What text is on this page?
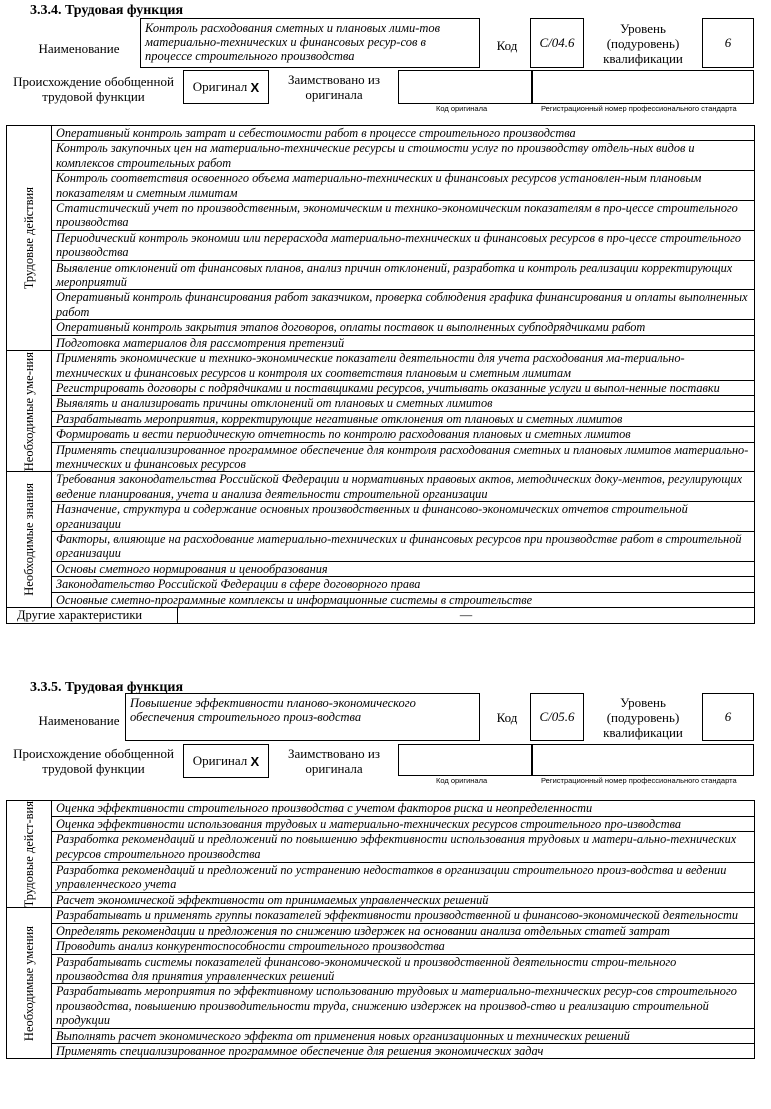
3.3.4. Трудовая функция
Наименование
Контроль расходования сметных и плановых лими-тов материально-технических и финансовых ресур-сов в процессе строительного производства
Код	С/04.6
Уровень (подуровень) квалификации
6
Происхождение обобщенной трудовой функции
Оригинал
X	Заимствовано из оригинала
Код оригинала	Регистрационный номер профессионального стандарта
Трудовые действия	Оперативный контроль затрат и себестоимости работ в процессе строительного производства
	Контроль закупочных цен на материально-технические ресурсы и стоимости услуг по производству отдель-ных видов и комплексов строительных работ
	Контроль соответствия освоенного объема материально-технических и финансовых ресурсов установлен-ным плановым показателям и сметным лимитам
	Статистический учет по производственным, экономическим и технико-экономическим показателям в про-цессе строительного производства
	Периодический контроль экономии или перерасхода материально-технических и финансовых ресурсов в про-цессе строительного производства
	Выявление отклонений от финансовых планов, анализ причин отклонений, разработка и контроль реализации корректирующих мероприятий
	Оперативный контроль финансирования работ заказчиком, проверка соблюдения графика финансирования и оплаты выполненных работ
	Оперативный контроль закрытия этапов договоров, оплаты поставок и выполненных субподрядчиками работ
	Подготовка материалов для рассмотрения претензий

Необходимые уме-ния	Применять экономические и технико-экономические показатели деятельности для учета расходования ма-териально-технических и финансовых ресурсов и контроля их соответствия плановым и сметным лимитам
	Регистрировать договоры с подрядчиками и поставщиками ресурсов, учитывать оказанные услуги и выпол-ненные поставки
	Выявлять и анализировать причины отклонений от плановых и сметных лимитов
	Разрабатывать мероприятия, корректирующие негативные отклонения от плановых и сметных лимитов
	Формировать и вести периодическую отчетность по контролю расходования плановых и сметных лимитов
	Применять специализированное программное обеспечение для контроля расходования сметных и плановых лимитов материально-технических и финансовых ресурсов

Необходимые знания	Требования законодательства Российской Федерации и нормативных правовых актов, методических доку-ментов, регулирующих ведение планирования, учета и анализа деятельности строительной организации
	Назначение, структура и содержание основных производственных и финансово-экономических отчетов строительной организации
	Факторы, влияющие на расходование материально-технических и финансовых ресурсов при производстве работ в строительной организации
	Основы сметного нормирования и ценообразования
	Законодательство Российской Федерации в сфере договорного права
	Основные сметно-программные комплексы и информационные системы в строительстве

Другие характеристики —	
3.3.5. Трудовая функция
Наименование
Повышение эффективности планово-экономического обеспечения строительного произ-водства	Код	С/05.6
Уровень (подуровень) квалификации
6
Происхождение обобщенной трудовой функции
Оригинал
X	Заимствовано из оригинала
Код оригинала	Регистрационный номер профессионального стандарта
Трудовые дейст-вия	Оценка эффективности строительного производства с учетом факторов риска и неопределенности
	Оценка эффективности использования трудовых и материально-технических ресурсов строительного про-изводства
	Разработка рекомендаций и предложений по повышению эффективности использования трудовых и матери-ально-технических ресурсов строительного производства
	Разработка рекомендаций и предложений по устранению недостатков в организации строительного произ-водства и ведении управленческого учета
	Расчет экономической эффективности от принимаемых управленческих решений

Необходимые умения	Разрабатывать и применять группы показателей эффективности производственной и финансово-экономической деятельности
	Определять рекомендации и предложения по снижению издержек на основании анализа отдельных статей затрат
	Проводить анализ конкурентоспособности строительного производства
	Разрабатывать системы показателей финансово-экономической и производственной деятельности строи-тельного производства для принятия управленческих решений
	Разрабатывать мероприятия по эффективному использованию трудовых и материально-технических ресур-сов строительного производства, повышению производительности труда, снижению издержек на производ-ство и реализацию строительной продукции
	Выполнять расчет экономического эффекта от применения новых организационных и технических решений
	Применять специализированное программное обеспечение для решения экономических задач
